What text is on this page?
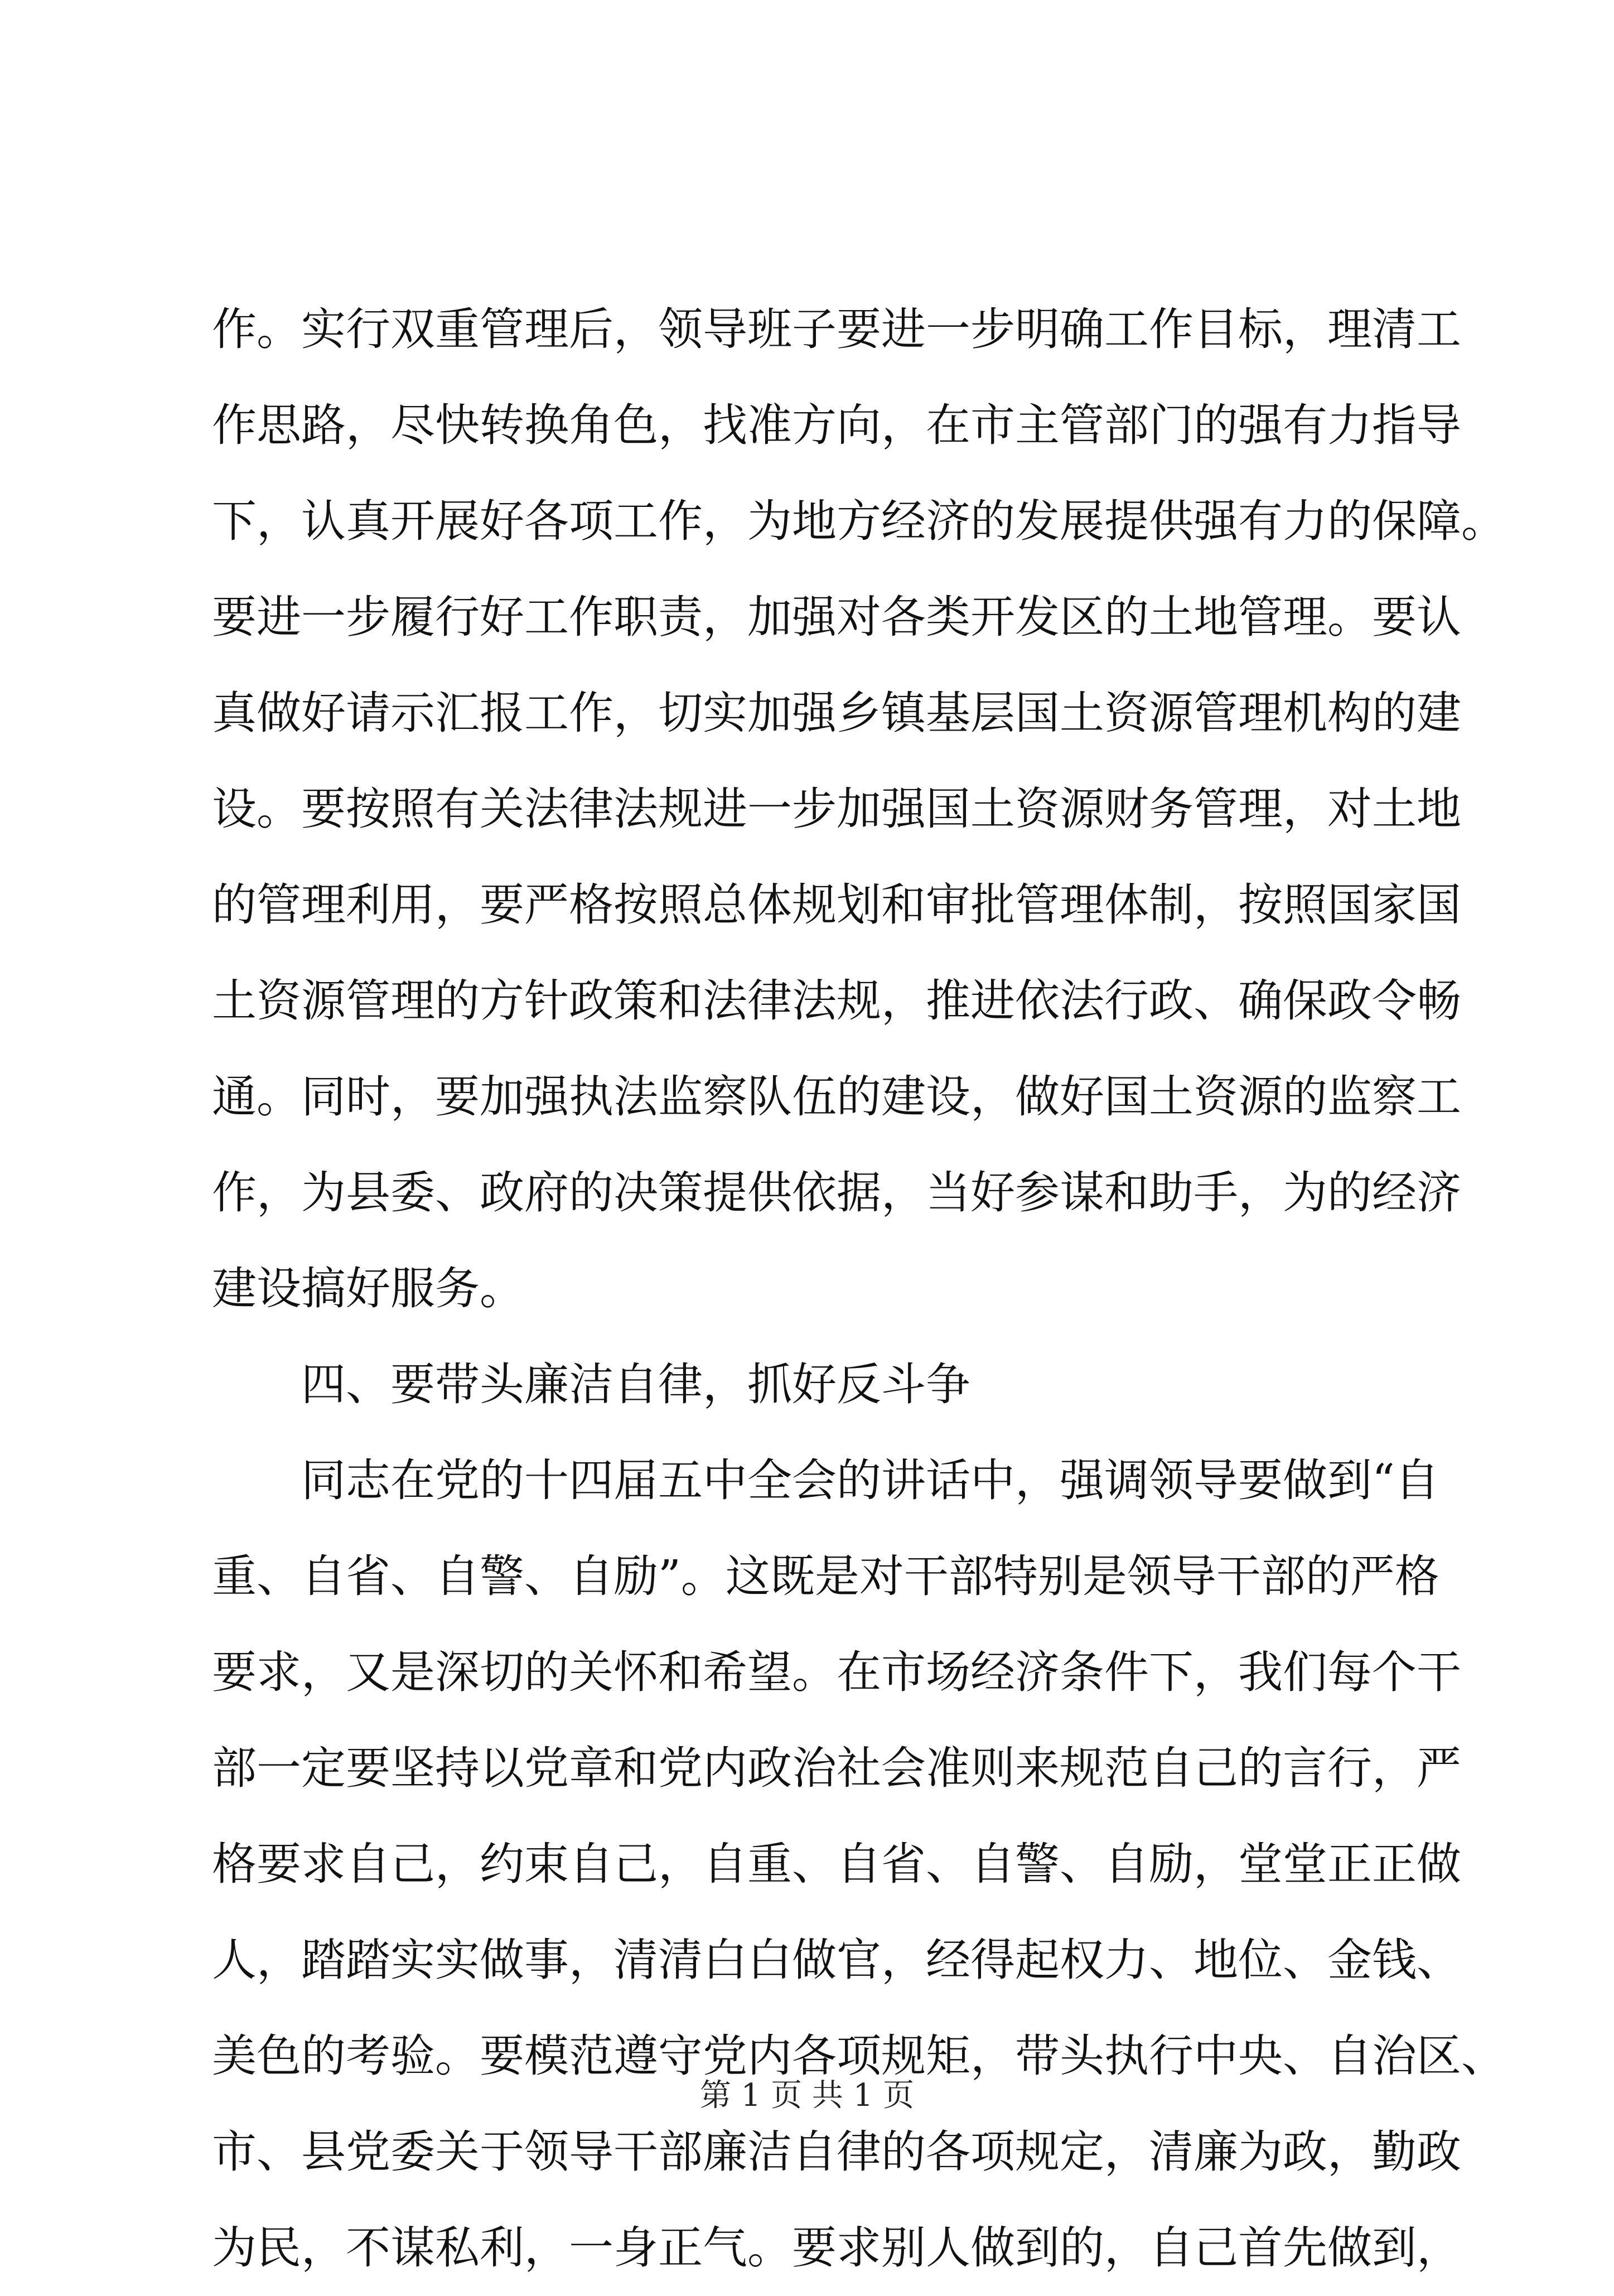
作。实行双重管理后，领导班子要进一步明确工作目标，理清工
作思路，尽快转换角色，找准方向，在市主管部门的强有力指导
下，认真开展好各项工作，为地方经济的发展提供强有力的保障。
要进一步履行好工作职责，加强对各类开发区的土地管理。要认
真做好请示汇报工作，切实加强乡镇基层国土资源管理机构的建
设。要按照有关法律法规进一步加强国土资源财务管理，对土地
的管理利用，要严格按照总体规划和审批管理体制，按照国家国
土资源管理的方针政策和法律法规，推进依法行政、确保政令畅
通。同时，要加强执法监察队伍的建设，做好国土资源的监察工
作，为县委、政府的决策提供依据，当好参谋和助手，为的经济
建设搞好服务。
四、要带头廉洁自律，抓好反斗争
同志在党的十四届五中全会的讲话中，强调领导要做到“自
重、自省、自警、自励”。这既是对干部特别是领导干部的严格
要求，又是深切的关怀和希望。在市场经济条件下，我们每个干
部一定要坚持以党章和党内政治社会准则来规范自己的言行，严
格要求自己，约束自己，自重、自省、自警、自励，堂堂正正做
人，踏踏实实做事，清清白白做官，经得起权力、地位、金钱、
美色的考验。要模范遵守党内各项规矩，带头执行中央、自治区、
市、县党委关于领导干部廉洁自律的各项规定，清廉为政，勤政
为民，不谋私利，一身正气。要求别人做到的，自己首先做到，
第 1 页 共 1 页
